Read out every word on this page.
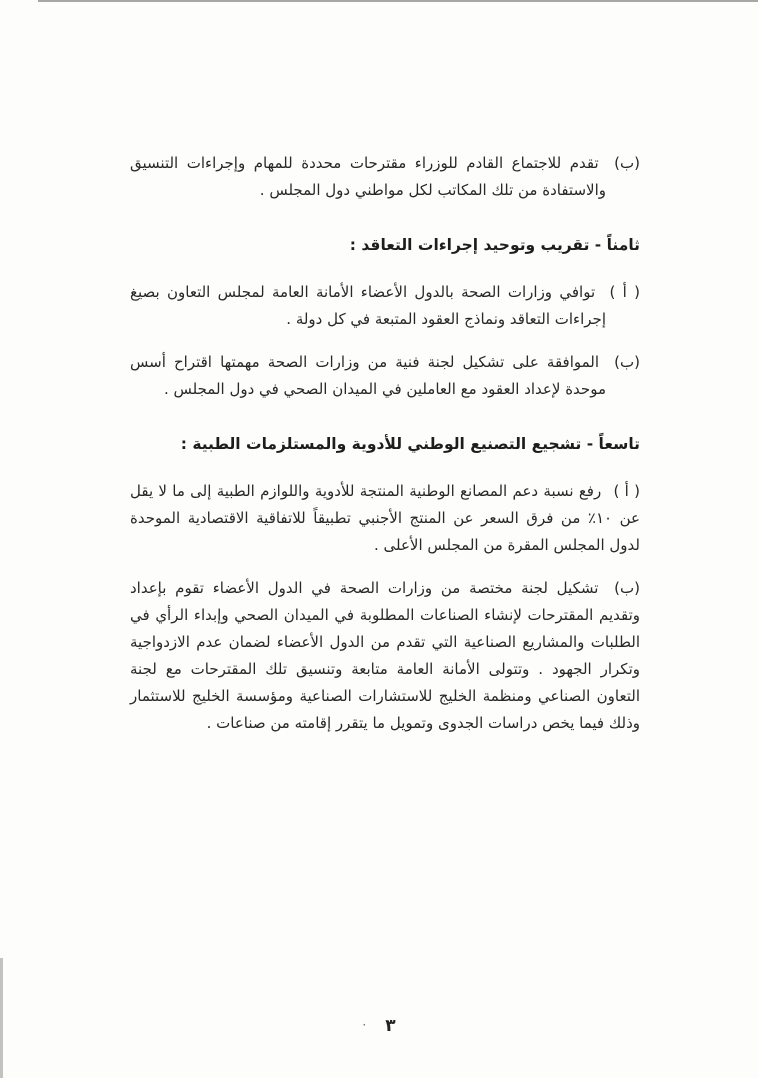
(ب) تقدم للاجتماع القادم للوزراء مقترحات محددة للمهام وإجراءات التنسيق والاستفادة من تلك المكاتب لكل مواطني دول المجلس .

ثامناً - تقريب وتوحيد إجراءات التعاقد :

( أ ) توافي وزارات الصحة بالدول الأعضاء الأمانة العامة لمجلس التعاون بصيغ إجراءات التعاقد ونماذج العقود المتبعة في كل دولة .

(ب) الموافقة على تشكيل لجنة فنية من وزارات الصحة مهمتها اقتراح أسس موحدة لإعداد العقود مع العاملين في الميدان الصحي في دول المجلس .

تاسعاً - تشجيع التصنيع الوطني للأدوية والمستلزمات الطبية :

( أ ) رفع نسبة دعم المصانع الوطنية المنتجة للأدوية واللوازم الطبية إلى ما لا يقل عن ١٠٪ من فرق السعر عن المنتج الأجنبي تطبيقاً للاتفاقية الاقتصادية الموحدة لدول المجلس المقرة من المجلس الأعلى .

(ب) تشكيل لجنة مختصة من وزارات الصحة في الدول الأعضاء تقوم بإعداد وتقديم المقترحات لإنشاء الصناعات المطلوبة في الميدان الصحي وإبداء الرأي في الطلبات والمشاريع الصناعية التي تقدم من الدول الأعضاء لضمان عدم الازدواجية وتكرار الجهود . وتتولى الأمانة العامة متابعة وتنسيق تلك المقترحات مع لجنة التعاون الصناعي ومنظمة الخليج للاستشارات الصناعية ومؤسسة الخليج للاستثمار وذلك فيما يخص دراسات الجدوى وتمويل ما يتقرر إقامته من صناعات .

· ٣
